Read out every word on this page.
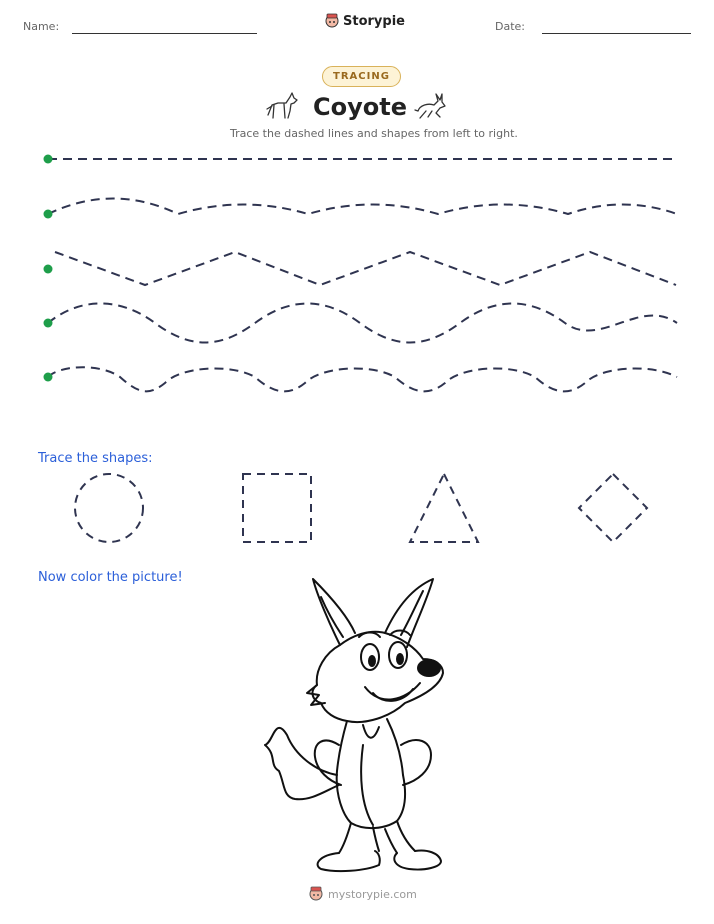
Name:	Storypie	Date:
TRACING
Coyote
Trace the dashed lines and shapes from left to right.
Trace the shapes:
Now color the picture!
mystorypie.com
